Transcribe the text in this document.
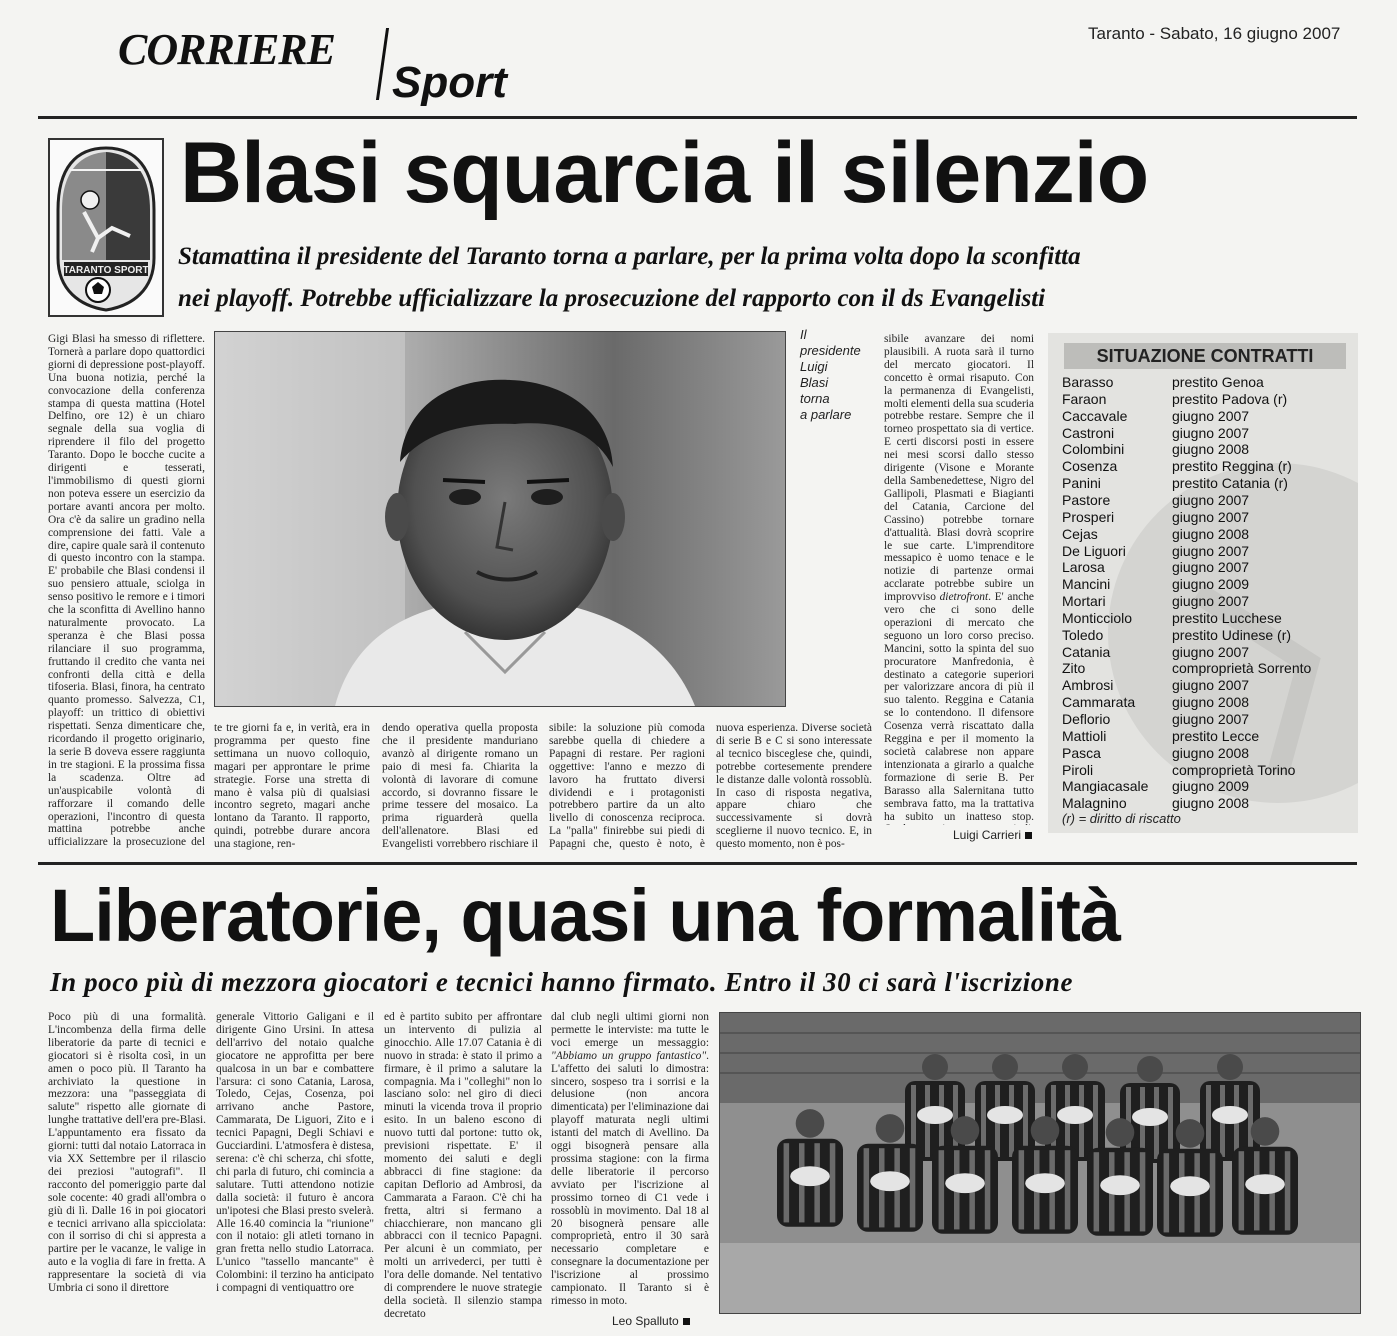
CORRIERE
Sport
Taranto - Sabato, 16 giugno 2007
TARANTO SPORT
Blasi squarcia il silenzio
Stamattina il presidente del Taranto torna a parlare, per la prima volta dopo la sconfitta
nei playoff. Potrebbe ufficializzare la prosecuzione del rapporto con il ds Evangelisti

Gigi Blasi ha smesso di riflettere. Tornerà a parlare dopo quattordici giorni di depressione post-playoff. Una buona notizia, perché la convocazione della conferenza stampa di questa mattina (Hotel Delfino, ore 12) è un chiaro segnale della sua voglia di riprendere il filo del progetto Taranto. Dopo le bocche cucite a dirigenti e tesserati, l'immobilismo di questi giorni non poteva essere un esercizio da portare avanti ancora per molto. Ora c'è da salire un gradino nella comprensione dei fatti. Vale a dire, capire quale sarà il contenuto di questo incontro con la stampa. E' probabile che Blasi condensi il suo pensiero attuale, sciolga in senso positivo le remore e i timori che la sconfitta di Avellino hanno naturalmente provocato. La speranza è che Blasi possa rilanciare il suo programma, fruttando il credito che vanta nei confronti della città e della tifoseria. Blasi, finora, ha centrato quanto promesso. Salvezza, C1, playoff: un trittico di obiettivi rispettati. Senza dimenticare che, ricordando il progetto originario, la serie B doveva essere raggiunta in tre stagioni. E la prossima fissa la scadenza. Oltre ad un'auspicabile volontà di rafforzare il comando delle operazioni, l'incontro di questa mattina potrebbe anche ufficializzare la prosecuzione del

Il
presidente
Luigi
Blasi
torna
a parlare

te tre giorni fa e, in verità, era in programma per questo fine settimana un nuovo colloquio, magari per approntare le prime strategie. Forse una stretta di mano è valsa più di qualsiasi incontro segreto, magari anche lontano da Taranto. Il rapporto, quindi, potrebbe durare ancora una stagione, ren-

dendo operativa quella proposta che il presidente manduriano avanzò al dirigente romano un paio di mesi fa. Chiarita la volontà di lavorare di comune accordo, si dovranno fissare le prime tessere del mosaico. La prima riguarderà quella dell'allenatore. Blasi ed Evangelisti vorrebbero rischiare il

sibile: la soluzione più comoda sarebbe quella di chiedere a Papagni di restare. Per ragioni oggettive: l'anno e mezzo di lavoro ha fruttato diversi dividendi e i protagonisti potrebbero partire da un alto livello di conoscenza reciproca. La "palla" finirebbe sui piedi di Papagni che, questo è noto, è

nuova esperienza. Diverse società di serie B e C si sono interessate al tecnico bisceglese che, quindi, potrebbe cortesemente prendere le distanze dalle volontà rossoblù. In caso di risposta negativa, appare chiaro che successivamente si dovrà sceglierne il nuovo tecnico. E, in questo momento, non è pos-

sibile avanzare dei nomi plausibili. A ruota sarà il turno del mercato giocatori. Il concetto è ormai risaputo. Con la permanenza di Evangelisti, molti elementi della sua scuderia potrebbe restare. Sempre che il torneo prospettato sia di vertice. E certi discorsi posti in essere nei mesi scorsi dallo stesso dirigente (Visone e Morante della Sambenedettese, Nigro del Gallipoli, Plasmati e Biagianti del Catania, Carcione del Cassino) potrebbe tornare d'attualità. Blasi dovrà scoprire le sue carte. L'imprenditore messapico è uomo tenace e le notizie di partenze ormai acclarate potrebbe subire un improvviso dietrofront. E' anche vero che ci sono delle operazioni di mercato che seguono un loro corso preciso. Mancini, sotto la spinta del suo procuratore Manfredonia, è destinato a categorie superiori per valorizzare ancora di più il suo talento. Reggina e Catania se lo contendono. Il difensore Cosenza verrà riscattato dalla Reggina e per il momento la società calabrese non appare intenzionata a girarlo a qualche formazione di serie B. Per Barasso alla Salernitana tutto sembrava fatto, ma la trattativa ha subito un inatteso stop.

Luigi Carrieri
SITUAZIONE CONTRATTI
Barasso	prestito Genoa
Faraon	prestito Padova (r)
Caccavale	giugno 2007
Castroni	giugno 2007
Colombini	giugno 2008
Cosenza	prestito Reggina (r)
Panini	prestito Catania (r)
Pastore	giugno 2007
Prosperi	giugno 2007
Cejas	giugno 2008
De Liguori	giugno 2007
Larosa	giugno 2007
Mancini	giugno 2009
Mortari	giugno 2007
Monticciolo	prestito Lucchese
Toledo	prestito Udinese (r)
Catania	giugno 2007
Zito	comproprietà Sorrento
Ambrosi	giugno 2007
Cammarata	giugno 2008
Deflorio	giugno 2007
Mattioli	prestito Lecce
Pasca	giugno 2008
Piroli	comproprietà Torino
Mangiacasale giugno 2009
Malagnino	giugno 2008
(r) = diritto di riscatto
Liberatorie, quasi una formalità
In poco più di mezzora giocatori e tecnici hanno firmato. Entro il 30 ci sarà l'iscrizione

Poco più di una formalità. L'incombenza della firma delle liberatorie da parte di tecnici e giocatori si è risolta così, in un amen o poco più. Il Taranto ha archiviato la questione in mezzora: una "passeggiata di salute" rispetto alle giornate di lunghe trattative dell'era pre-Blasi. L'appuntamento era fissato da giorni: tutti dal notaio Latorraca in via XX Settembre per il rilascio dei preziosi "autografi". Il racconto del pomeriggio parte dal sole cocente: 40 gradi all'ombra o giù di lì. Dalle 16 in poi giocatori e tecnici arrivano alla spicciolata: con il sorriso di chi si appresta a partire per le vacanze, le valige in auto e la voglia di fare in fretta. A rappresentare la società di via Umbria ci sono il direttore

generale Vittorio Galigani e il dirigente Gino Ursini. In attesa dell'arrivo del notaio qualche giocatore ne approfitta per bere qualcosa in un bar e combattere l'arsura: ci sono Catania, Larosa, Toledo, Cejas, Cosenza, poi arrivano anche Pastore, Cammarata, De Liguori, Zito e i tecnici Papagni, Degli Schiavi e Gucciardini. L'atmosfera è distesa, serena: c'è chi scherza, chi sfotte, chi parla di futuro, chi comincia a salutare. Tutti attendono notizie dalla società: il futuro è ancora un'ipotesi che Blasi presto svelerà. Alle 16.40 comincia la "riunione" con il notaio: gli atleti tornano in gran fretta nello studio Latorraca. L'unico "tassello mancante" è Colombini: il terzino ha anticipato i compagni di ventiquattro ore

ed è partito subito per affrontare un intervento di pulizia al ginocchio. Alle 17.07 Catania è di nuovo in strada: è stato il primo a firmare, è il primo a salutare la compagnia. Ma i "colleghi" non lo lasciano solo: nel giro di dieci minuti la vicenda trova il proprio esito. In un baleno escono di nuovo tutti dal portone: tutto ok, previsioni rispettate. E' il momento dei saluti e degli abbracci di fine stagione: da capitan Deflorio ad Ambrosi, da Cammarata a Faraon. C'è chi ha fretta, altri si fermano a chiacchierare, non mancano gli abbracci con il tecnico Papagni. Per alcuni è un commiato, per molti un arrivederci, per tutti è l'ora delle domande. Nel tentativo di comprendere le nuove strategie della società. Il silenzio stampa decretato

dal club negli ultimi giorni non permette le interviste: ma tutte le voci emerge un messaggio: "Abbiamo un gruppo fantastico". L'affetto dei saluti lo dimostra: sincero, sospeso tra i sorrisi e la delusione (non ancora dimenticata) per l'eliminazione dai playoff maturata negli ultimi istanti del match di Avellino. Da oggi bisognerà pensare alla prossima stagione: con la firma delle liberatorie il percorso avviato per l'iscrizione al prossimo torneo di C1 vede i rossoblù in movimento. Dal 18 al 20 bisognerà pensare alle comproprietà, entro il 30 sarà necessario completare e consegnare la documentazione per l'iscrizione al prossimo campionato. Il Taranto si è rimesso in moto.

Leo Spalluto
